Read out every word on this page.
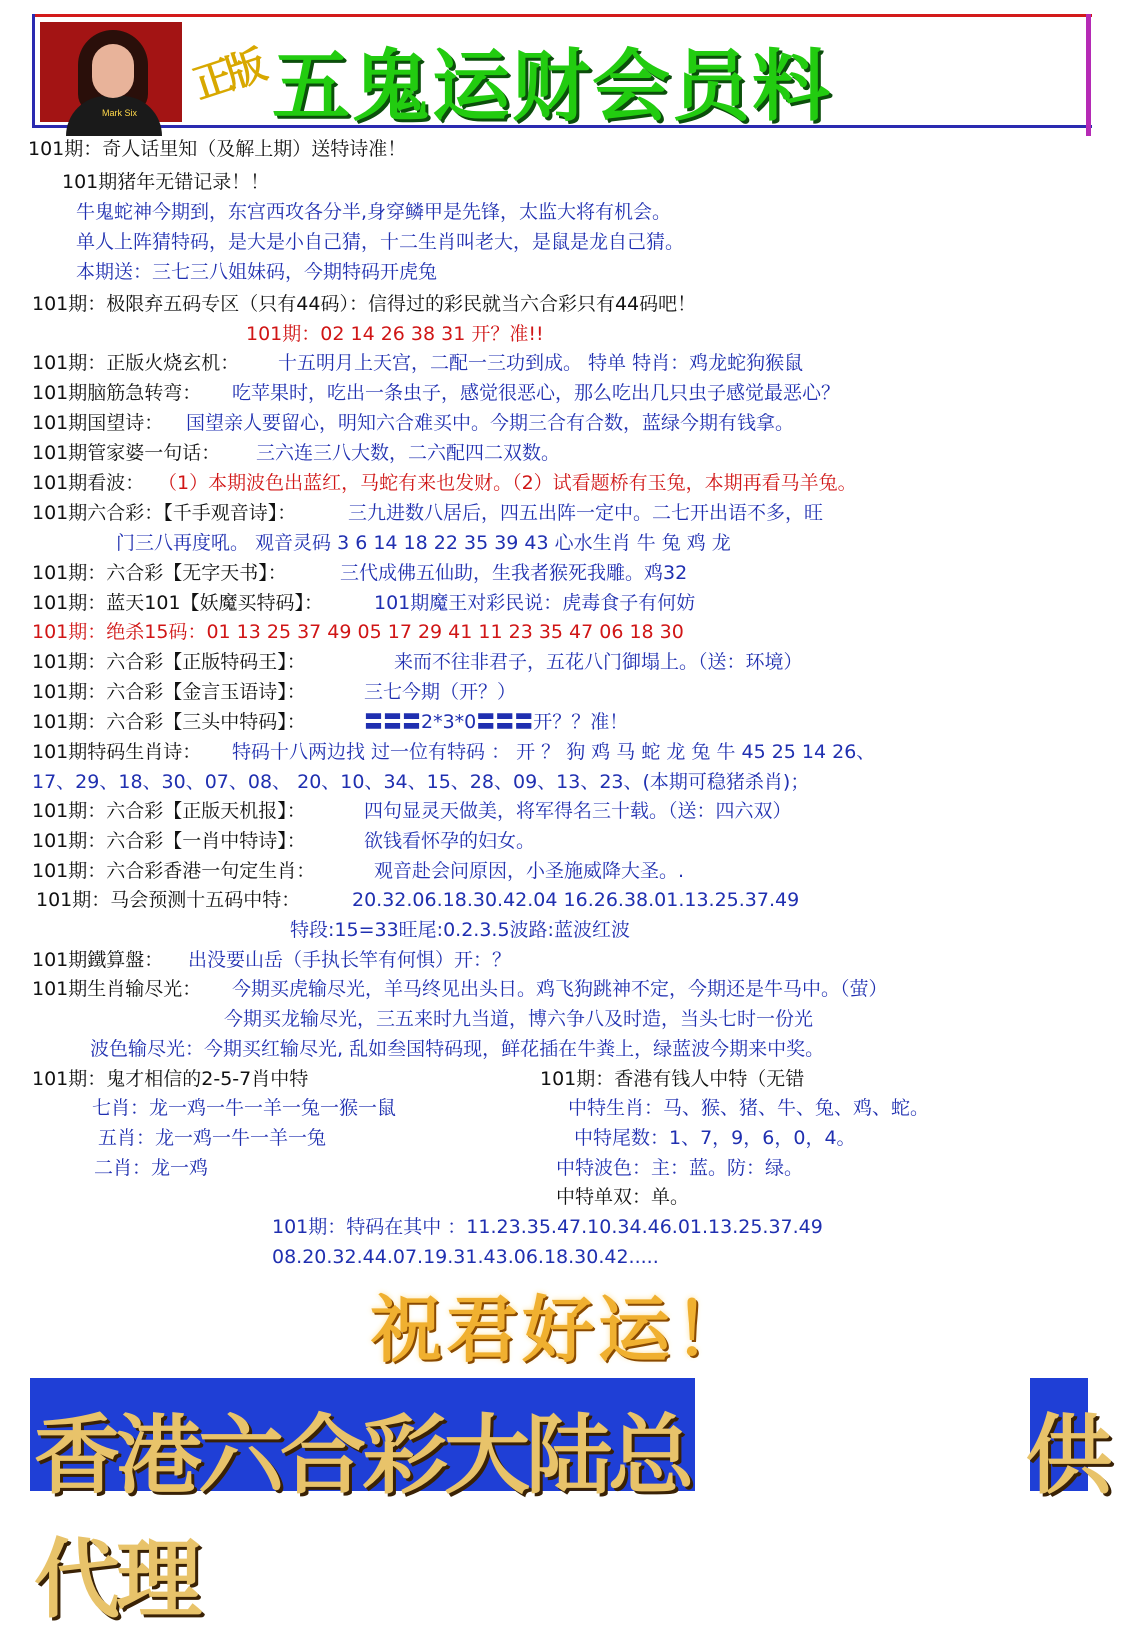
Mark Six
正版 五鬼运财会员料
101期：奇人话里知（及解上期）送特诗准！
101期猪年无错记录！！
牛鬼蛇神今期到，东宫西攻各分半,身穿鳞甲是先锋，太监大将有机会。
单人上阵猜特码，是大是小自己猜，十二生肖叫老大，是鼠是龙自己猜。
本期送：三七三八姐妹码，今期特码开虎兔
101期：极限弃五码专区（只有44码）：信得过的彩民就当六合彩只有44码吧！
101期：02 14 26 38 31 开？准!!
101期：正版火烧玄机： 十五明月上天宫，二配一三功到成。 特单 特肖：鸡龙蛇狗猴鼠
101期脑筋急转弯： 吃苹果时，吃出一条虫子，感觉很恶心，那么吃出几只虫子感觉最恶心？
101期国望诗： 国望亲人要留心，明知六合难买中。今期三合有合数，蓝绿今期有钱拿。
101期管家婆一句话： 三六连三八大数，二六配四二双数。
101期看波： （1）本期波色出蓝红，马蛇有来也发财。（2）试看题桥有玉兔，本期再看马羊兔。
101期六合彩：【千手观音诗】：	三九进数八居后，四五出阵一定中。二七开出语不多，旺
门三八再度吼。 观音灵码 3 6 14 18 22 35 39 43 心水生肖 牛 兔 鸡 龙
101期：六合彩【无字天书】：	三代成佛五仙助，生我者猴死我雕。鸡32
101期：蓝天101【妖魔买特码】：	101期魔王对彩民说：虎毒食子有何妨
101期：绝杀15码：01 13 25 37 49 05 17 29 41 11 23 35 47 06 18 30
101期：六合彩【正版特码王】：	来而不往非君子，五花八门御塌上。（送：环境）
101期：六合彩【金言玉语诗】：	三七今期（开？）
101期：六合彩【三头中特码】：	〓〓〓2*3*0〓〓〓开？？准！
101期特码生肖诗： 特码十八两边找 过一位有特码 ： 开 ？ 狗 鸡 马 蛇 龙 兔 牛 45 25 14 26、
17、29、18、30、07、08、 20、10、34、15、28、09、13、23、(本期可稳猪杀肖)；
101期：六合彩【正版天机报】：	四句显灵天做美，将军得名三十载。（送：四六双）
101期：六合彩【一肖中特诗】：	欲钱看怀孕的妇女。
101期：六合彩香港一句定生肖：	观音赴会问原因，小圣施威降大圣。.
101期：马会预测十五码中特：	20.32.06.18.30.42.04 16.26.38.01.13.25.37.49
特段:15=33旺尾:0.2.3.5波路:蓝波红波
101期鐵算盤： 出没要山岳（手执长竿有何惧）开：？
101期生肖输尽光： 今期买虎输尽光，羊马终见出头日。鸡飞狗跳神不定，今期还是牛马中。（萤）
今期买龙输尽光，三五来时九当道，博六争八及时造，当头七时一份光
波色输尽光：今期买红输尽光, 乱如叁国特码现，鲜花插在牛粪上，绿蓝波今期来中奖。
101期：鬼才相信的2-5-7肖中特
七肖：龙一鸡一牛一羊一兔一猴一鼠
五肖：龙一鸡一牛一羊一兔
二肖：龙一鸡
101期：香港有钱人中特（无错
中特生肖：马、猴、猪、牛、兔、鸡、蛇。
中特尾数：1、7，9，6，0，4。
中特波色：主：蓝。防：绿。
中特单双：单。
101期：特码在其中 ：11.23.35.47.10.34.46.01.13.25.37.49
08.20.32.44.07.19.31.43.06.18.30.42.....
祝君好运！
香港六合彩大陆总代理
供
